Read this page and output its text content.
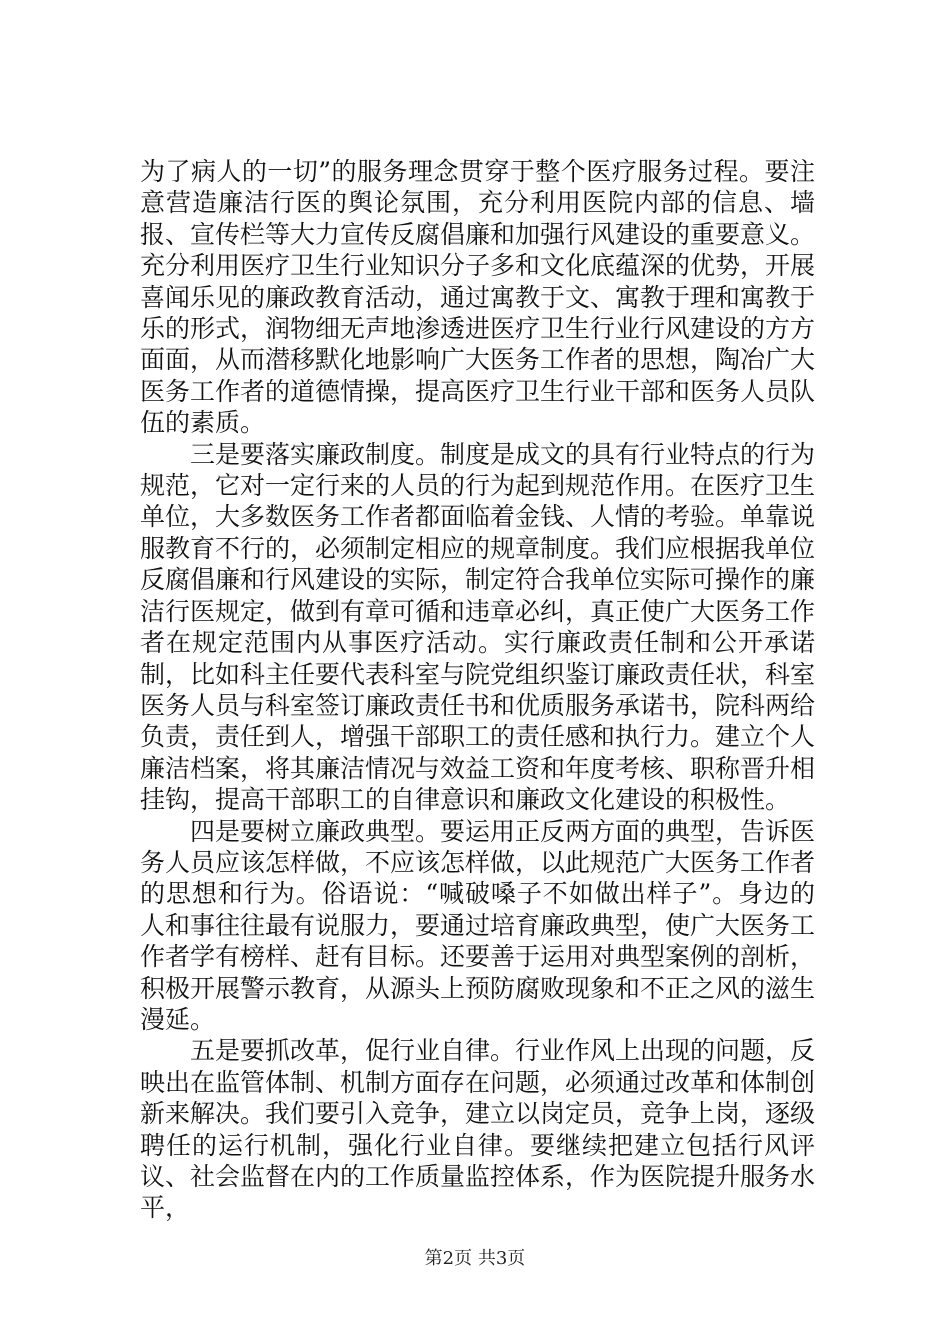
为了病人的一切”的服务理念贯穿于整个医疗服务过程。要注意营造廉洁行医的舆论氛围，充分利用医院内部的信息、墙报、宣传栏等大力宣传反腐倡廉和加强行风建设的重要意义。充分利用医疗卫生行业知识分子多和文化底蕴深的优势，开展喜闻乐见的廉政教育活动，通过寓教于文、寓教于理和寓教于乐的形式，润物细无声地渗透进医疗卫生行业行风建设的方方面面，从而潜移默化地影响广大医务工作者的思想，陶冶广大医务工作者的道德情操，提高医疗卫生行业干部和医务人员队伍的素质。

三是要落实廉政制度。制度是成文的具有行业特点的行为规范，它对一定行来的人员的行为起到规范作用。在医疗卫生单位，大多数医务工作者都面临着金钱、人情的考验。单靠说服教育不行的，必须制定相应的规章制度。我们应根据我单位反腐倡廉和行风建设的实际，制定符合我单位实际可操作的廉洁行医规定，做到有章可循和违章必纠，真正使广大医务工作者在规定范围内从事医疗活动。实行廉政责任制和公开承诺制，比如科主任要代表科室与院党组织鉴订廉政责任状，科室医务人员与科室签订廉政责任书和优质服务承诺书，院科两给负责，责任到人，增强干部职工的责任感和执行力。建立个人廉洁档案，将其廉洁情况与效益工资和年度考核、职称晋升相挂钩，提高干部职工的自律意识和廉政文化建设的积极性。

四是要树立廉政典型。要运用正反两方面的典型，告诉医务人员应该怎样做，不应该怎样做，以此规范广大医务工作者的思想和行为。俗语说：“喊破嗓子不如做出样子”。身边的人和事往往最有说服力，要通过培育廉政典型，使广大医务工作者学有榜样、赶有目标。还要善于运用对典型案例的剖析，积极开展警示教育，从源头上预防腐败现象和不正之风的滋生漫延。

五是要抓改革，促行业自律。行业作风上出现的问题，反映出在监管体制、机制方面存在问题，必须通过改革和体制创新来解决。我们要引入竞争，建立以岗定员，竞争上岗，逐级聘任的运行机制，强化行业自律。要继续把建立包括行风评议、社会监督在内的工作质量监控体系，作为医院提升服务水平，

第2页 共3页
